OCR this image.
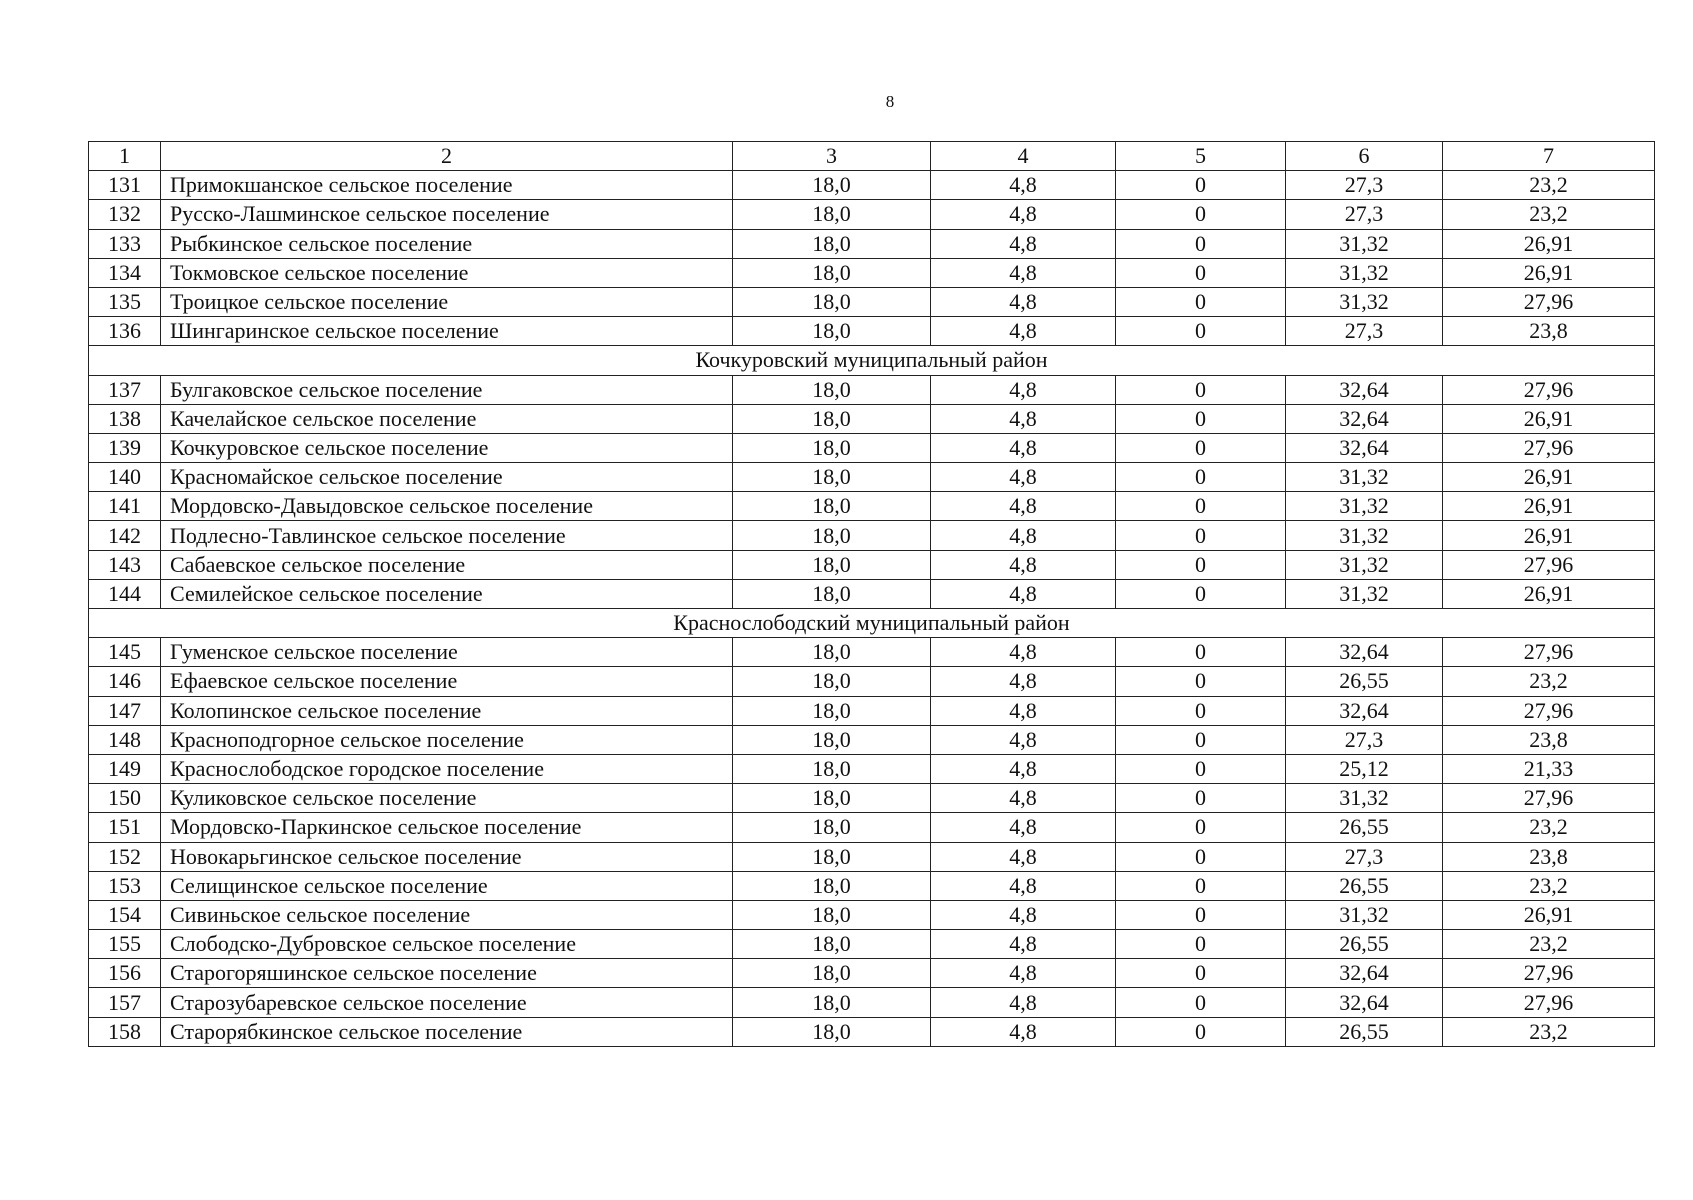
8
1	2	3	4	5	6	7
131	Примокшанское сельское поселение	18,0	4,8	0	27,3	23,2
132	Русско-Лашминское сельское поселение	18,0	4,8	0	27,3	23,2
133	Рыбкинское сельское поселение	18,0	4,8	0	31,32	26,91
134	Токмовское сельское поселение	18,0	4,8	0	31,32	26,91
135	Троицкое сельское поселение	18,0	4,8	0	31,32	27,96
136	Шингаринское сельское поселение	18,0	4,8	0	27,3	23,8
Кочкуровский муниципальный район						
137	Булгаковское сельское поселение	18,0	4,8	0	32,64	27,96
138	Качелайское сельское поселение	18,0	4,8	0	32,64	26,91
139	Кочкуровское сельское поселение	18,0	4,8	0	32,64	27,96
140	Красномайское сельское поселение	18,0	4,8	0	31,32	26,91
141	Мордовско-Давыдовское сельское поселение	18,0	4,8	0	31,32	26,91
142	Подлесно-Тавлинское сельское поселение	18,0	4,8	0	31,32	26,91
143	Сабаевское сельское поселение	18,0	4,8	0	31,32	27,96
144	Семилейское сельское поселение	18,0	4,8	0	31,32	26,91
Краснослободский муниципальный район						
145	Гуменское сельское поселение	18,0	4,8	0	32,64	27,96
146	Ефаевское сельское поселение	18,0	4,8	0	26,55	23,2
147	Колопинское сельское поселение	18,0	4,8	0	32,64	27,96
148	Красноподгорное сельское поселение	18,0	4,8	0	27,3	23,8
149	Краснослободское городское поселение	18,0	4,8	0	25,12	21,33
150	Куликовское сельское поселение	18,0	4,8	0	31,32	27,96
151	Мордовско-Паркинское сельское поселение	18,0	4,8	0	26,55	23,2
152	Новокарьгинское сельское поселение	18,0	4,8	0	27,3	23,8
153	Селищинское сельское поселение	18,0	4,8	0	26,55	23,2
154	Сивиньское сельское поселение	18,0	4,8	0	31,32	26,91
155	Слободско-Дубровское сельское поселение	18,0	4,8	0	26,55	23,2
156	Старогоряшинское сельское поселение	18,0	4,8	0	32,64	27,96
157	Старозубаревское сельское поселение	18,0	4,8	0	32,64	27,96
158	Старорябкинское сельское поселение	18,0	4,8	0	26,55	23,2
